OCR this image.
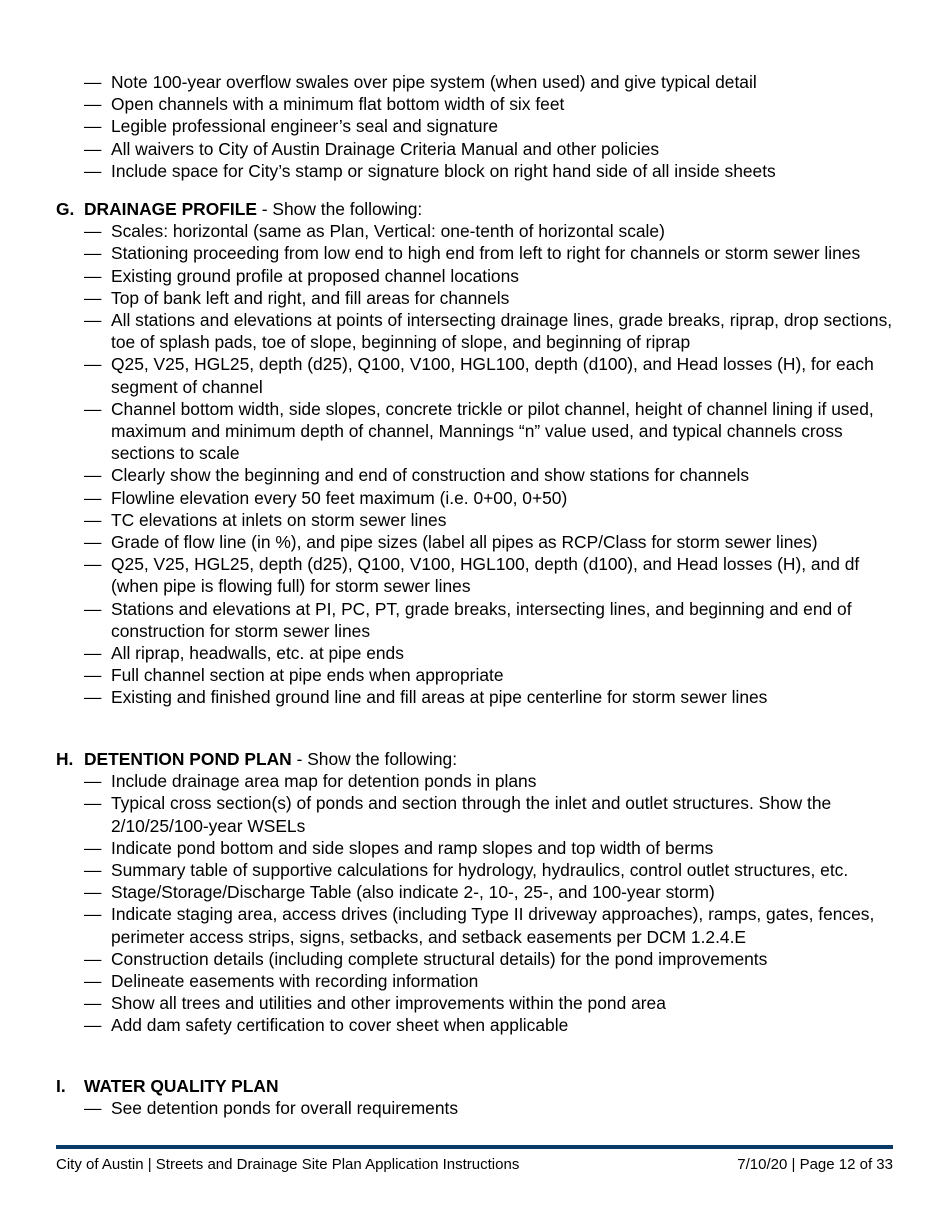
— Note 100-year overflow swales over pipe system (when used) and give typical detail
— Open channels with a minimum flat bottom width of six feet
— Legible professional engineer’s seal and signature
— All waivers to City of Austin Drainage Criteria Manual and other policies
— Include space for City’s stamp or signature block on right hand side of all inside sheets
G. DRAINAGE PROFILE - Show the following:
— Scales: horizontal (same as Plan, Vertical: one-tenth of horizontal scale)
— Stationing proceeding from low end to high end from left to right for channels or storm sewer lines
— Existing ground profile at proposed channel locations
— Top of bank left and right, and fill areas for channels
— All stations and elevations at points of intersecting drainage lines, grade breaks, riprap, drop sections, toe of splash pads, toe of slope, beginning of slope, and beginning of riprap
— Q25, V25, HGL25, depth (d25), Q100, V100, HGL100, depth (d100), and Head losses (H), for each segment of channel
— Channel bottom width, side slopes, concrete trickle or pilot channel, height of channel lining if used, maximum and minimum depth of channel, Mannings “n” value used, and typical channels cross sections to scale
— Clearly show the beginning and end of construction and show stations for channels
— Flowline elevation every 50 feet maximum (i.e. 0+00, 0+50)
— TC elevations at inlets on storm sewer lines
— Grade of flow line (in %), and pipe sizes (label all pipes as RCP/Class for storm sewer lines)
— Q25, V25, HGL25, depth (d25), Q100, V100, HGL100, depth (d100), and Head losses (H), and df (when pipe is flowing full) for storm sewer lines
— Stations and elevations at PI, PC, PT, grade breaks, intersecting lines, and beginning and end of construction for storm sewer lines
— All riprap, headwalls, etc. at pipe ends
— Full channel section at pipe ends when appropriate
— Existing and finished ground line and fill areas at pipe centerline for storm sewer lines
H. DETENTION POND PLAN - Show the following:
— Include drainage area map for detention ponds in plans
— Typical cross section(s) of ponds and section through the inlet and outlet structures. Show the 2/10/25/100-year WSELs
— Indicate pond bottom and side slopes and ramp slopes and top width of berms
— Summary table of supportive calculations for hydrology, hydraulics, control outlet structures, etc.
— Stage/Storage/Discharge Table (also indicate 2-, 10-, 25-, and 100-year storm)
— Indicate staging area, access drives (including Type II driveway approaches), ramps, gates, fences, perimeter access strips, signs, setbacks, and setback easements per DCM 1.2.4.E
— Construction details (including complete structural details) for the pond improvements
— Delineate easements with recording information
— Show all trees and utilities and other improvements within the pond area
— Add dam safety certification to cover sheet when applicable
I. WATER QUALITY PLAN
— See detention ponds for overall requirements
City of Austin | Streets and Drainage Site Plan Application Instructions	7/10/20 | Page 12 of 33
